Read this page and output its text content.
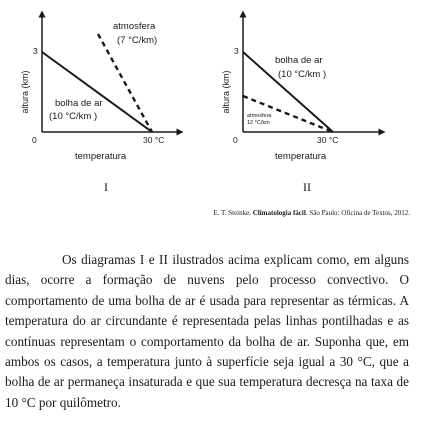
3
0	30 °C
altura (km)
temperatura
atmosfera
(7 °C/km)
bolha de ar
(10 °C/km )
I
3
0	30 °C
altura (km)
temperatura
bolha de ar
(10 °C/km )
atmosfera
12 °C/km
II
E. T. Steinke. Climatologia fácil. São Paulo: Oficina de Textos, 2012.

Os diagramas I e II ilustrados acima explicam como, em alguns dias, ocorre a formação de nuvens pelo processo convectivo. O comportamento de uma bolha de ar é usada para representar as térmicas. A temperatura do ar circundante é representada pelas linhas pontilhadas e as contínuas representam o comportamento da bolha de ar. Suponha que, em ambos os casos, a temperatura junto à superfície seja igual a 30 °C, que a bolha de ar permaneça insaturada e que sua temperatura decresça na taxa de 10 °C por quilômetro.
